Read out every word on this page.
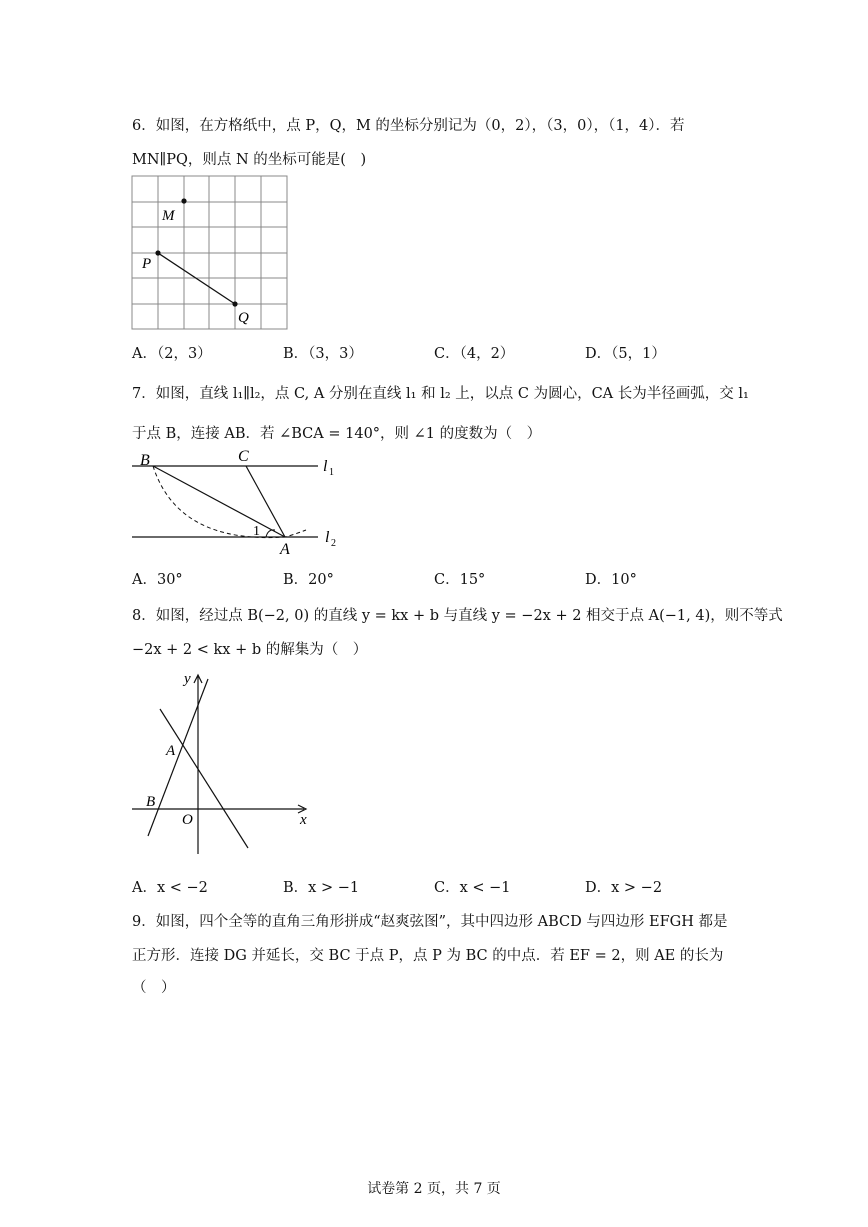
6．如图，在方格纸中，点 P，Q，M 的坐标分别记为（0，2），（3，0），（1，4）．若
MN∥PQ，则点 N 的坐标可能是(　)
M
P
Q
A．（2，3）	B．（3，3）	C．（4，2）	D．（5，1）
7．如图，直线 l₁∥l₂，点 C, A 分别在直线 l₁ 和 l₂ 上，以点 C 为圆心，CA 长为半径画弧，交 l₁
于点 B，连接 AB．若 ∠BCA = 140°，则 ∠1 的度数为（　）
B	C
A
1
l 1
l 2
A．30°	B．20°	C．15°	D．10°
8．如图，经过点 B(−2, 0) 的直线 y = kx + b 与直线 y = −2x + 2 相交于点 A(−1, 4)，则不等式
−2x + 2 < kx + b 的解集为（　）
y
x
A
B
O
A．x < −2	B．x > −1	C．x < −1	D．x > −2
9．如图，四个全等的直角三角形拼成“赵爽弦图”，其中四边形 ABCD 与四边形 EFGH 都是
正方形．连接 DG 并延长，交 BC 于点 P，点 P 为 BC 的中点．若 EF = 2，则 AE 的长为
（　）
试卷第 2 页，共 7 页
